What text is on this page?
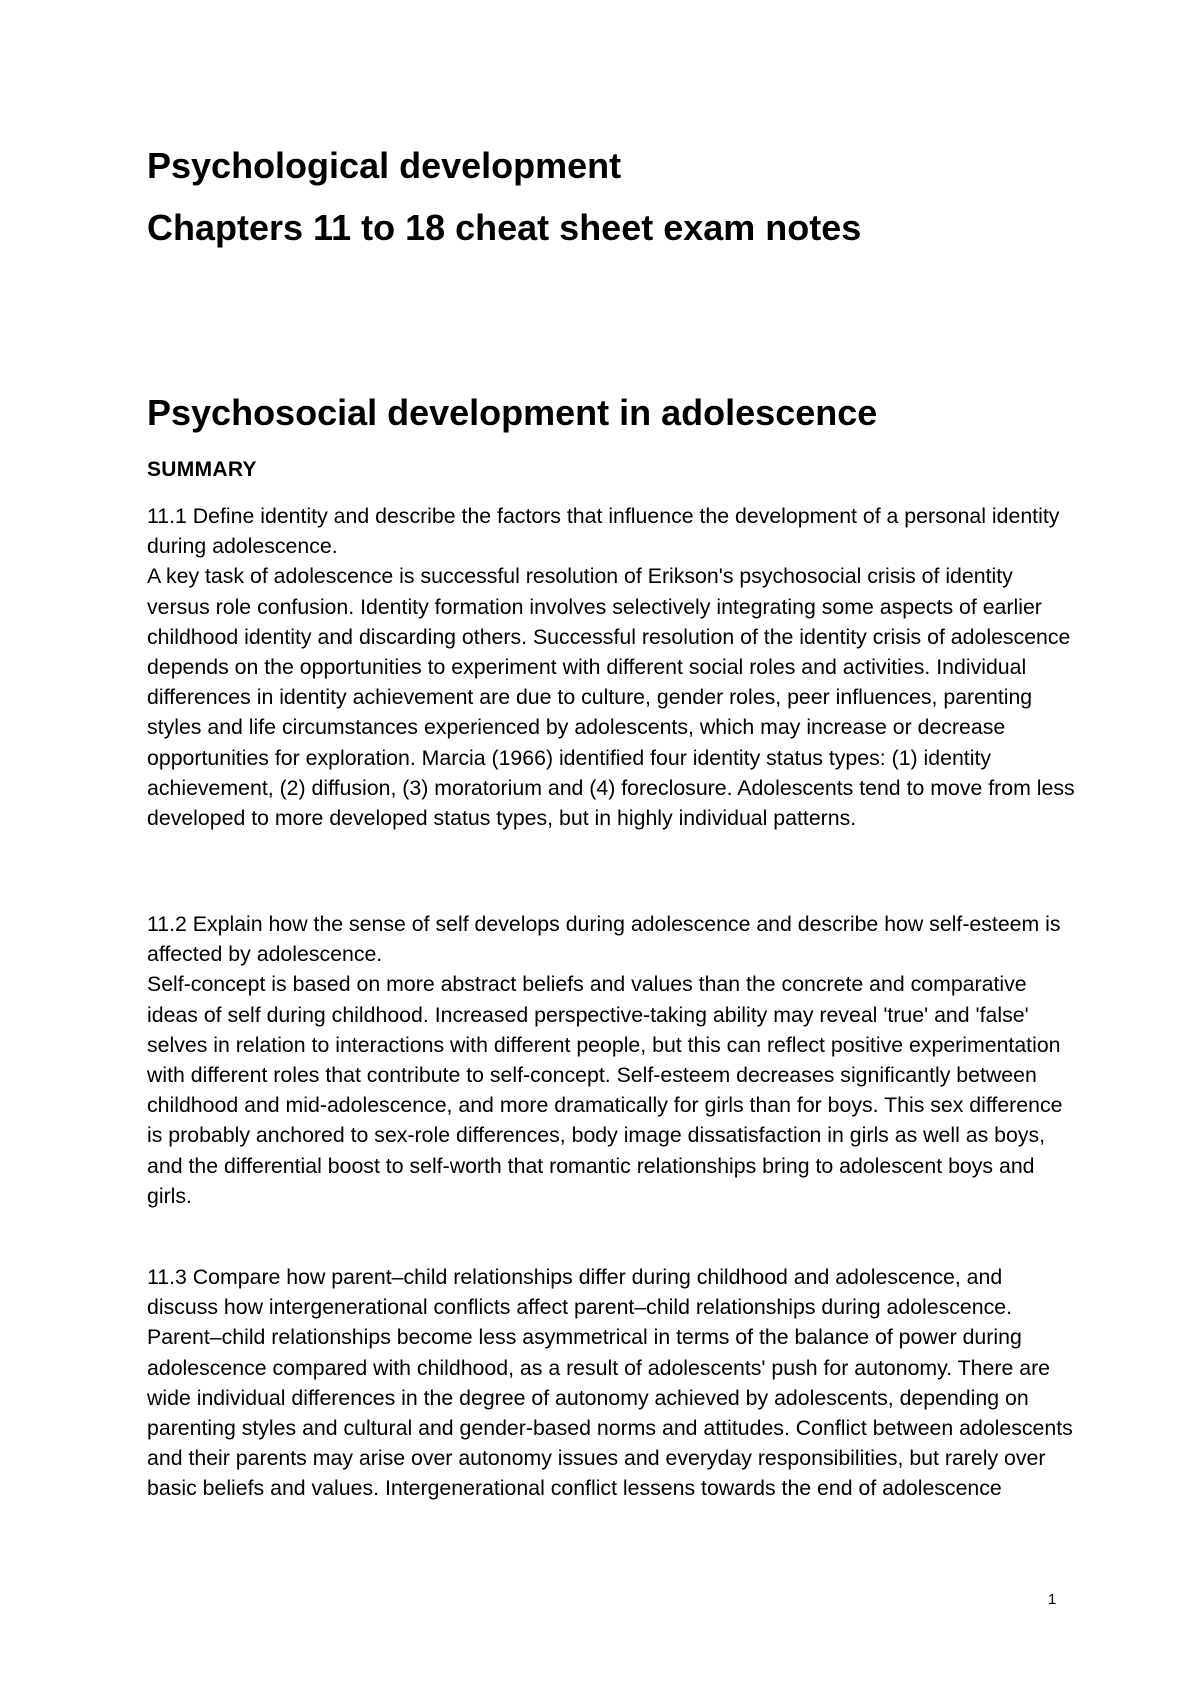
Psychological development
Chapters 11 to 18 cheat sheet exam notes
Psychosocial development in adolescence
SUMMARY

11.1 Define identity and describe the factors that influence the development of a personal identity during adolescence.

A key task of adolescence is successful resolution of Erikson's psychosocial crisis of identity versus role confusion. Identity formation involves selectively integrating some aspects of earlier childhood identity and discarding others. Successful resolution of the identity crisis of adolescence depends on the opportunities to experiment with different social roles and activities. Individual differences in identity achievement are due to culture, gender roles, peer influences, parenting styles and life circumstances experienced by adolescents, which may increase or decrease opportunities for exploration. Marcia (1966) identified four identity status types: (1) identity achievement, (2) diffusion, (3) moratorium and (4) foreclosure. Adolescents tend to move from less developed to more developed status types, but in highly individual patterns.

11.2 Explain how the sense of self develops during adolescence and describe how self-esteem is affected by adolescence.

Self-concept is based on more abstract beliefs and values than the concrete and comparative ideas of self during childhood. Increased perspective-taking ability may reveal 'true' and 'false' selves in relation to interactions with different people, but this can reflect positive experimentation with different roles that contribute to self-concept. Self-esteem decreases significantly between childhood and mid-adolescence, and more dramatically for girls than for boys. This sex difference is probably anchored to sex-role differences, body image dissatisfaction in girls as well as boys, and the differential boost to self-worth that romantic relationships bring to adolescent boys and girls.

11.3 Compare how parent–child relationships differ during childhood and adolescence, and discuss how intergenerational conflicts affect parent–child relationships during adolescence.

Parent–child relationships become less asymmetrical in terms of the balance of power during adolescence compared with childhood, as a result of adolescents' push for autonomy. There are wide individual differences in the degree of autonomy achieved by adolescents, depending on parenting styles and cultural and gender-based norms and attitudes. Conflict between adolescents and their parents may arise over autonomy issues and everyday responsibilities, but rarely over basic beliefs and values. Intergenerational conflict lessens towards the end of adolescence

1
